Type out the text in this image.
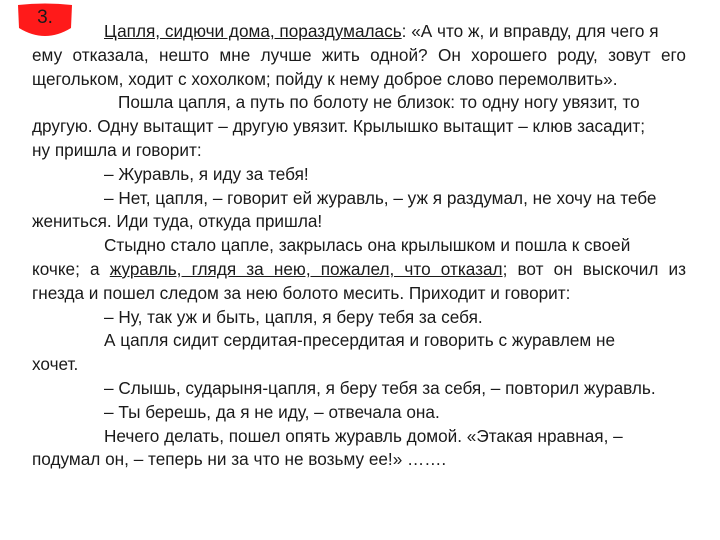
3.
Цапля, сидючи дома, пораздумалась: «А что ж, и вправду, для чего я
ему отказала, нешто мне лучше жить одной? Он хорошего роду, зовут его
щегольком, ходит с хохолком; пойду к нему доброе слово перемолвить».
Пошла цапля, а путь по болоту не близок: то одну ногу увязит, то
другую. Одну вытащит – другую увязит. Крылышко вытащит – клюв засадит;
ну пришла и говорит:
– Журавль, я иду за тебя!
– Нет, цапля, – говорит ей журавль, – уж я раздумал, не хочу на тебе
жениться. Иди туда, откуда пришла!
Стыдно стало цапле, закрылась она крылышком и пошла к своей
кочке; а журавль, глядя за нею, пожалел, что отказал; вот он выскочил из
гнезда и пошел следом за нею болото месить. Приходит и говорит:
– Ну, так уж и быть, цапля, я беру тебя за себя.
А цапля сидит сердитая-пресердитая и говорить с журавлем не
хочет.
– Слышь, сударыня-цапля, я беру тебя за себя, – повторил журавль.
– Ты берешь, да я не иду, – отвечала она.
Нечего делать, пошел опять журавль домой. «Этакая нравная, –
подумал он, – теперь ни за что не возьму ее!» …….
